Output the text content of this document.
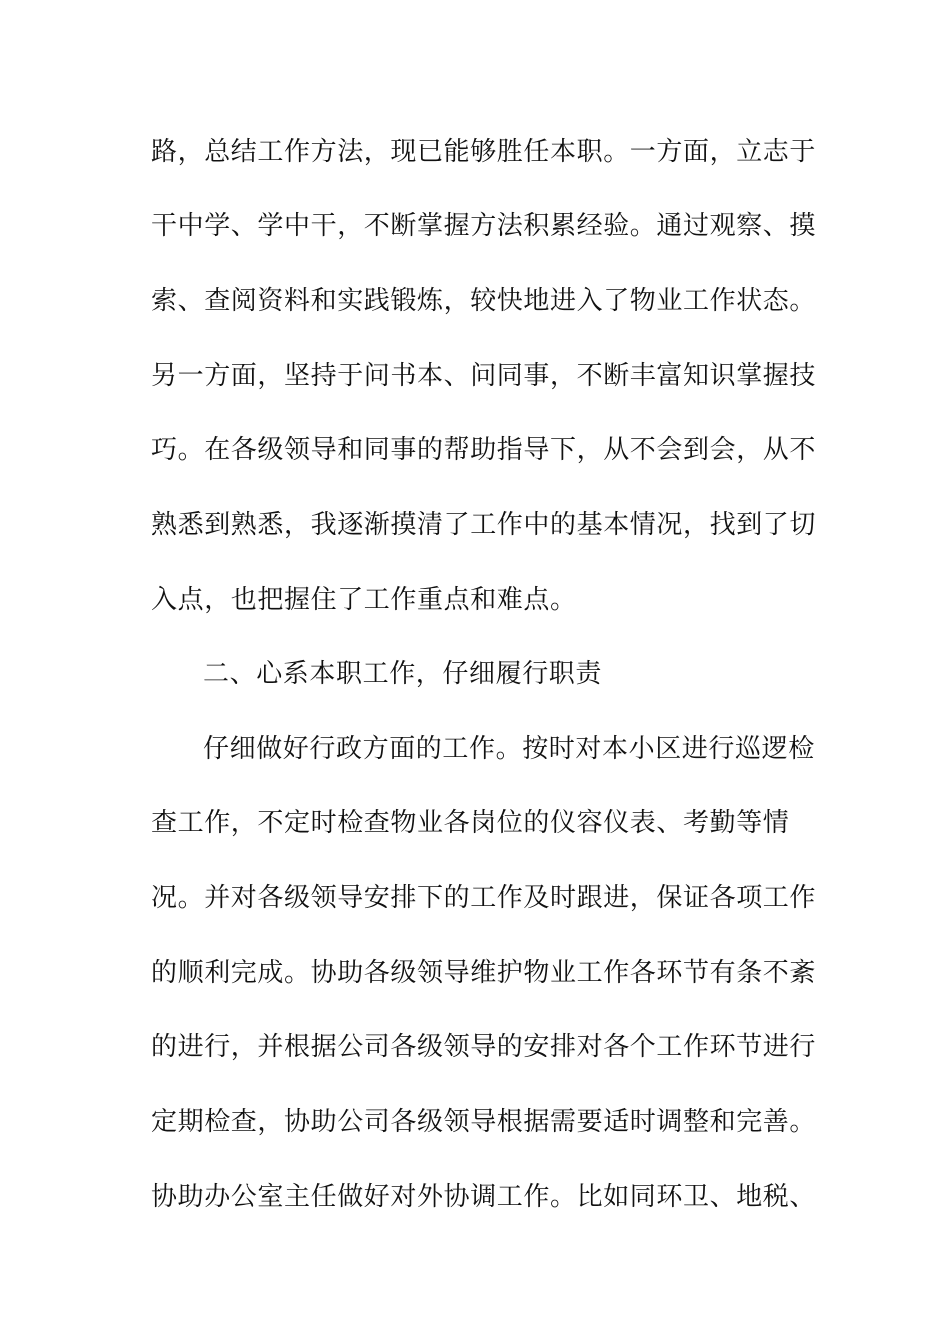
路，总结工作方法，现已能够胜任本职。一方面，立志于
干中学、学中干，不断掌握方法积累经验。通过观察、摸
索、查阅资料和实践锻炼，较快地进入了物业工作状态。
另一方面，坚持于问书本、问同事，不断丰富知识掌握技
巧。在各级领导和同事的帮助指导下，从不会到会，从不
熟悉到熟悉，我逐渐摸清了工作中的基本情况，找到了切
入点，也把握住了工作重点和难点。
二、心系本职工作，仔细履行职责
仔细做好行政方面的工作。按时对本小区进行巡逻检
查工作，不定时检查物业各岗位的仪容仪表、考勤等情
况。并对各级领导安排下的工作及时跟进，保证各项工作
的顺利完成。协助各级领导维护物业工作各环节有条不紊
的进行，并根据公司各级领导的安排对各个工作环节进行
定期检查，协助公司各级领导根据需要适时调整和完善。
协助办公室主任做好对外协调工作。比如同环卫、地税、
